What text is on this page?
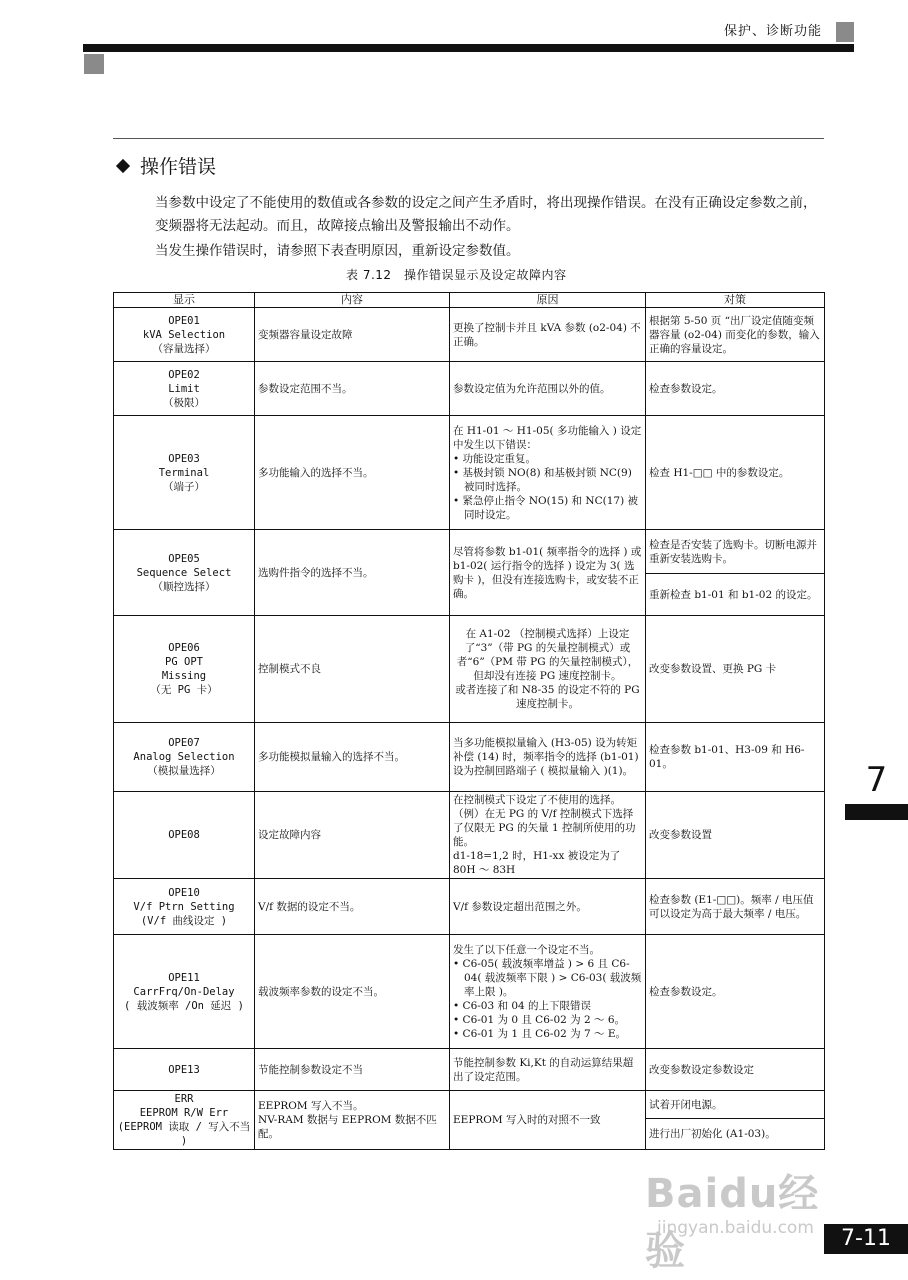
保护、诊断功能
操作错误
当参数中设定了不能使用的数值或各参数的设定之间产生矛盾时，将出现操作错误。在没有正确设定参数之前，变频器将无法起动。而且，故障接点输出及警报输出不动作。
当发生操作错误时，请参照下表查明原因，重新设定参数值。
表 7.12　操作错误显示及设定故障内容
显示	内容	原因	对策

OPE01
kVA Selection
（容量选择）	变频器容量设定故障	更换了控制卡并且 kVA 参数 (o2-04) 不正确。	根据第 5-50 页 “出厂设定值随变频器容量 (o2-04) 而变化的参数，输入正确的容量设定。

OPE02
Limit
（极限）	参数设定范围不当。	参数设定值为允许范围以外的值。	检查参数设定。

OPE03
Terminal
（端子）	多功能输入的选择不当。	在 H1-01 ～ H1-05( 多功能输入 ) 设定中发生以下错误：
• 功能设定重复。
• 基极封锁 NO(8) 和基极封锁 NC(9) 被同时选择。
• 紧急停止指令 NO(15) 和 NC(17) 被同时设定。	检查 H1-□□ 中的参数设定。

OPE05
Sequence Select
（顺控选择）	选购件指令的选择不当。	尽管将参数 b1-01( 频率指令的选择 ) 或 b1-02( 运行指令的选择 ) 设定为 3( 选购卡 )，但没有连接选购卡，或安装不正确。	检查是否安装了选购卡。切断电源并重新安装选购卡。
			重新检查 b1-01 和 b1-02 的设定。

OPE06
PG OPT
Missing
（无 PG 卡）	控制模式不良	在 A1-02 （控制模式选择）上设定了“3”（带 PG 的矢量控制模式）或者“6”（PM 带 PG 的矢量控制模式），但却没有连接 PG 速度控制卡。
或者连接了和 N8-35 的设定不符的 PG 速度控制卡。	改变参数设置、更换 PG 卡

OPE07
Analog Selection
（模拟量选择）	多功能模拟量输入的选择不当。	当多功能模拟量输入 (H3-05) 设为转矩补偿 (14) 时，频率指令的选择 (b1-01) 设为控制回路端子 ( 模拟量输入 )(1)。	检查参数 b1-01、H3-09 和 H6-01。

OPE08	设定故障内容	在控制模式下设定了不使用的选择。
（例）在无 PG 的 V/f 控制模式下选择了仅限无 PG 的矢量 1 控制所使用的功能。
d1-18=1,2 时，H1-xx 被设定为了
80H ～ 83H	改变参数设置

OPE10
V/f Ptrn Setting
(V/f 曲线设定 )	V/f 数据的设定不当。	V/f 参数设定超出范围之外。	检查参数 (E1-□□)。频率 / 电压值可以设定为高于最大频率 / 电压。

OPE11
CarrFrq/On-Delay
( 载波频率 /On 延迟 )	载波频率参数的设定不当。	发生了以下任意一个设定不当。
• C6-05( 载波频率增益 ) > 6 且 C6-04( 载波频率下限 ) > C6-03( 载波频率上限 )。
• C6-03 和 04 的上下限错误
• C6-01 为 0 且 C6-02 为 2 ～ 6。
• C6-01 为 1 且 C6-02 为 7 ～ E。	检查参数设定。

OPE13	节能控制参数设定不当	节能控制参数 Ki,Kt 的自动运算结果超出了设定范围。	改变参数设定参数设定

ERR
EEPROM R/W Err
(EEPROM 读取 / 写入不当 )	EEPROM 写入不当。
NV-RAM 数据与 EEPROM 数据不匹配。	EEPROM 写入时的对照不一致	试着开闭电源。
			进行出厂初始化 (A1-03)。
7
Baidu经验
jingyan.baidu.com	7-11
